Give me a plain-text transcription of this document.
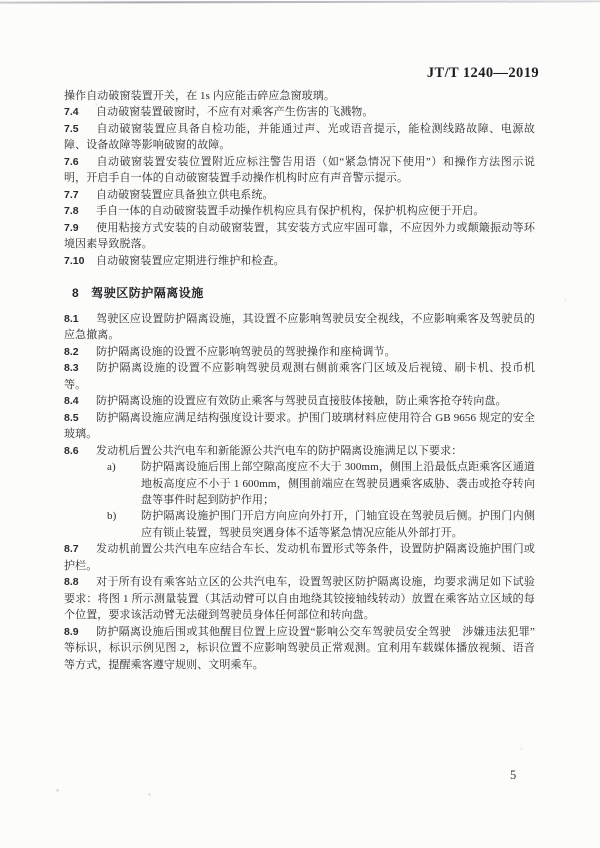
JT/T 1240—2019

操作自动破窗装置开关，在 1s 内应能击碎应急窗玻璃。

7.4 自动破窗装置破窗时，不应有对乘客产生伤害的飞溅物。

7.5 自动破窗装置应具备自检功能，并能通过声、光或语音提示，能检测线路故障、电源故障、设备故障等影响破窗的故障。

7.6 自动破窗装置安装位置附近应标注警告用语（如“紧急情况下使用”）和操作方法图示说明，开启手自一体的自动破窗装置手动操作机构时应有声音警示提示。

7.7 自动破窗装置应具备独立供电系统。

7.8 手自一体的自动破窗装置手动操作机构应具有保护机构，保护机构应便于开启。

7.9 使用粘接方式安装的自动破窗装置，其安装方式应牢固可靠，不应因外力或颠簸振动等环境因素导致脱落。

7.10 自动破窗装置应定期进行维护和检查。

8 驾驶区防护隔离设施

8.1 驾驶区应设置防护隔离设施，其设置不应影响驾驶员安全视线，不应影响乘客及驾驶员的应急撤离。

8.2 防护隔离设施的设置不应影响驾驶员的驾驶操作和座椅调节。

8.3 防护隔离设施的设置不应影响驾驶员观测右侧前乘客门区域及后视镜、刷卡机、投币机等。

8.4 防护隔离设施的设置应有效防止乘客与驾驶员直接肢体接触，防止乘客抢夺转向盘。

8.5 防护隔离设施应满足结构强度设计要求。护围门玻璃材料应使用符合 GB 9656 规定的安全玻璃。

8.6 发动机后置公共汽电车和新能源公共汽电车的防护隔离设施满足以下要求：

a) 防护隔离设施后围上部空隙高度应不大于 300mm，侧围上沿最低点距乘客区通道地板高度应不小于 1 600mm，侧围前端应在驾驶员遇乘客威胁、袭击或抢夺转向盘等事件时起到防护作用；

b) 防护隔离设施护围门开启方向应向外打开，门轴宜设在驾驶员后侧。护围门内侧应有锁止装置，驾驶员突遇身体不适等紧急情况应能从外部打开。

8.7 发动机前置公共汽电车应结合车长、发动机布置形式等条件，设置防护隔离设施护围门或护栏。

8.8 对于所有设有乘客站立区的公共汽电车，设置驾驶区防护隔离设施，均要求满足如下试验要求：将图 1 所示测量装置（其活动臂可以自由地绕其铰接轴线转动）放置在乘客站立区域的每个位置，要求该活动臂无法碰到驾驶员身体任何部位和转向盘。

8.9 防护隔离设施后围或其他醒目位置上应设置“影响公交车驾驶员安全驾驶　涉嫌违法犯罪”等标识，标识示例见图 2，标识位置不应影响驾驶员正常观测。宜利用车载媒体播放视频、语音等方式，提醒乘客遵守规则、文明乘车。

5
